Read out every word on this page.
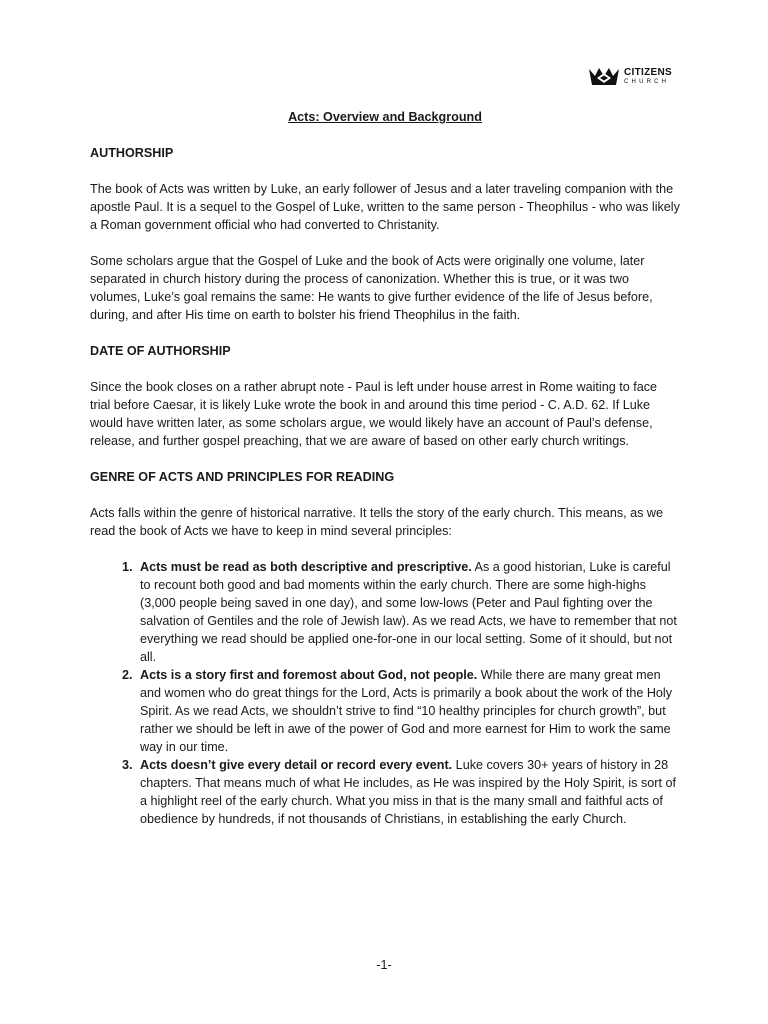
CITIZENS
CHURCH
Acts: Overview and Background
AUTHORSHIP

The book of Acts was written by Luke, an early follower of Jesus and a later traveling companion with the apostle Paul. It is a sequel to the Gospel of Luke, written to the same person - Theophilus - who was likely a Roman government official who had converted to Christanity.

Some scholars argue that the Gospel of Luke and the book of Acts were originally one volume, later separated in church history during the process of canonization. Whether this is true, or it was two volumes, Luke’s goal remains the same: He wants to give further evidence of the life of Jesus before, during, and after His time on earth to bolster his friend Theophilus in the faith.

DATE OF AUTHORSHIP

Since the book closes on a rather abrupt note - Paul is left under house arrest in Rome waiting to face trial before Caesar, it is likely Luke wrote the book in and around this time period - C. A.D. 62. If Luke would have written later, as some scholars argue, we would likely have an account of Paul’s defense, release, and further gospel preaching, that we are aware of based on other early church writings.

GENRE OF ACTS AND PRINCIPLES FOR READING

Acts falls within the genre of historical narrative. It tells the story of the early church. This means, as we read the book of Acts we have to keep in mind several principles:

1. Acts must be read as both descriptive and prescriptive. As a good historian, Luke is careful to recount both good and bad moments within the early church. There are some high-highs (3,000 people being saved in one day), and some low-lows (Peter and Paul fighting over the salvation of Gentiles and the role of Jewish law). As we read Acts, we have to remember that not everything we read should be applied one-for-one in our local setting. Some of it should, but not all.
2. Acts is a story first and foremost about God, not people. While there are many great men and women who do great things for the Lord, Acts is primarily a book about the work of the Holy Spirit. As we read Acts, we shouldn’t strive to find “10 healthy principles for church growth”, but rather we should be left in awe of the power of God and more earnest for Him to work the same way in our time.
3. Acts doesn’t give every detail or record every event. Luke covers 30+ years of history in 28 chapters. That means much of what He includes, as He was inspired by the Holy Spirit, is sort of a highlight reel of the early church. What you miss in that is the many small and faithful acts of obedience by hundreds, if not thousands of Christians, in establishing the early Church.
-1-
